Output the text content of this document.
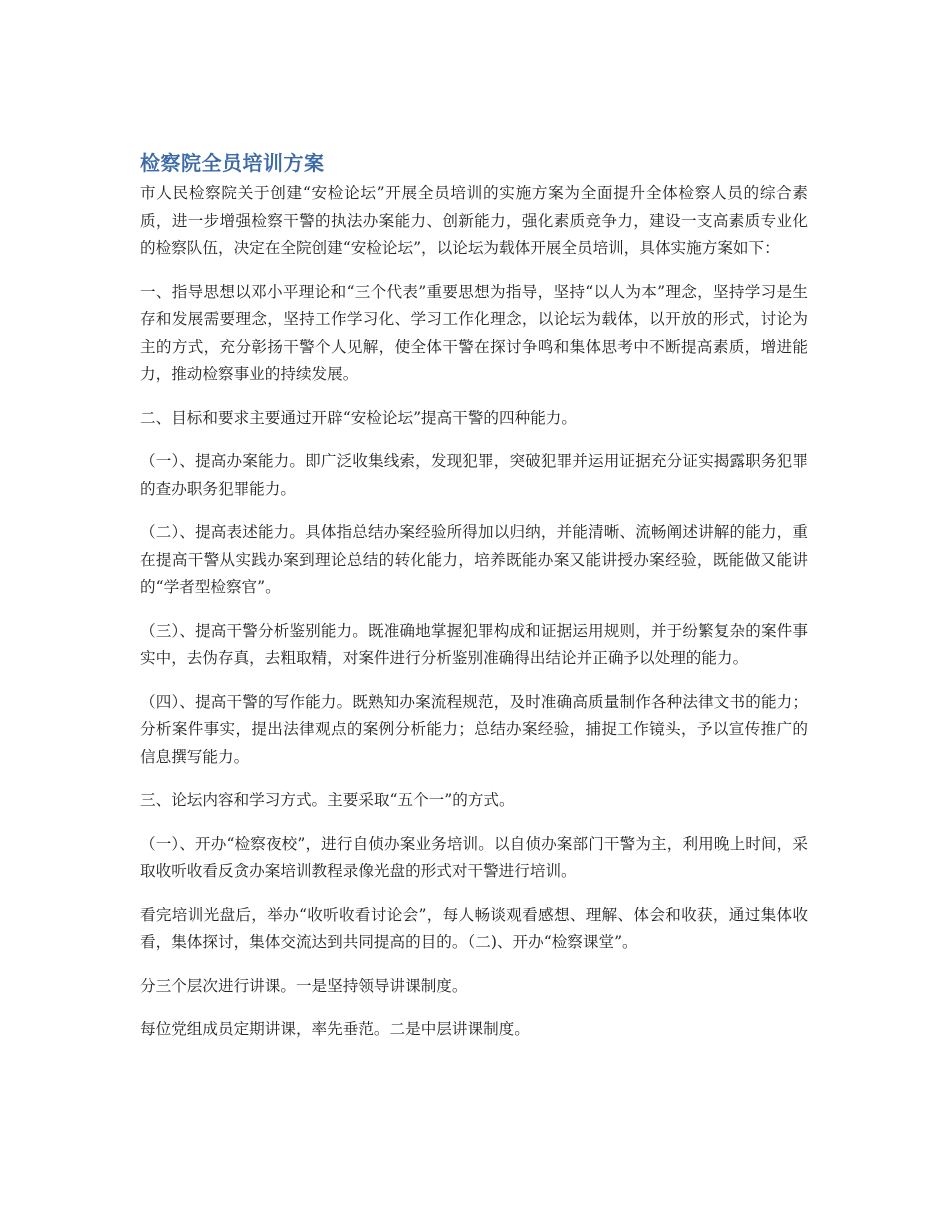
检察院全员培训方案

市人民检察院关于创建“安检论坛”开展全员培训的实施方案为全面提升全体检察人员的综合素质，进一步增强检察干警的执法办案能力、创新能力，强化素质竞争力，建设一支高素质专业化的检察队伍，决定在全院创建“安检论坛”，以论坛为载体开展全员培训，具体实施方案如下：

一、指导思想以邓小平理论和“三个代表”重要思想为指导，坚持“以人为本”理念，坚持学习是生存和发展需要理念，坚持工作学习化、学习工作化理念，以论坛为载体，以开放的形式，讨论为主的方式，充分彰扬干警个人见解，使全体干警在探讨争鸣和集体思考中不断提高素质，增进能力，推动检察事业的持续发展。

二、目标和要求主要通过开辟“安检论坛”提高干警的四种能力。

（一）、提高办案能力。即广泛收集线索，发现犯罪，突破犯罪并运用证据充分证实揭露职务犯罪的查办职务犯罪能力。

（二）、提高表述能力。具体指总结办案经验所得加以归纳，并能清晰、流畅阐述讲解的能力，重在提高干警从实践办案到理论总结的转化能力，培养既能办案又能讲授办案经验，既能做又能讲的“学者型检察官”。

（三）、提高干警分析鉴别能力。既准确地掌握犯罪构成和证据运用规则，并于纷繁复杂的案件事实中，去伪存真，去粗取精，对案件进行分析鉴别准确得出结论并正确予以处理的能力。

（四）、提高干警的写作能力。既熟知办案流程规范，及时准确高质量制作各种法律文书的能力；分析案件事实，提出法律观点的案例分析能力；总结办案经验，捕捉工作镜头，予以宣传推广的信息撰写能力。

三、论坛内容和学习方式。主要采取“五个一”的方式。

（一）、开办“检察夜校”，进行自侦办案业务培训。以自侦办案部门干警为主，利用晚上时间，采取收听收看反贪办案培训教程录像光盘的形式对干警进行培训。

看完培训光盘后，举办“收听收看讨论会”，每人畅谈观看感想、理解、体会和收获，通过集体收看，集体探讨，集体交流达到共同提高的目的。（二)、开办“检察课堂”。

分三个层次进行讲课。一是坚持领导讲课制度。

每位党组成员定期讲课，率先垂范。二是中层讲课制度。
